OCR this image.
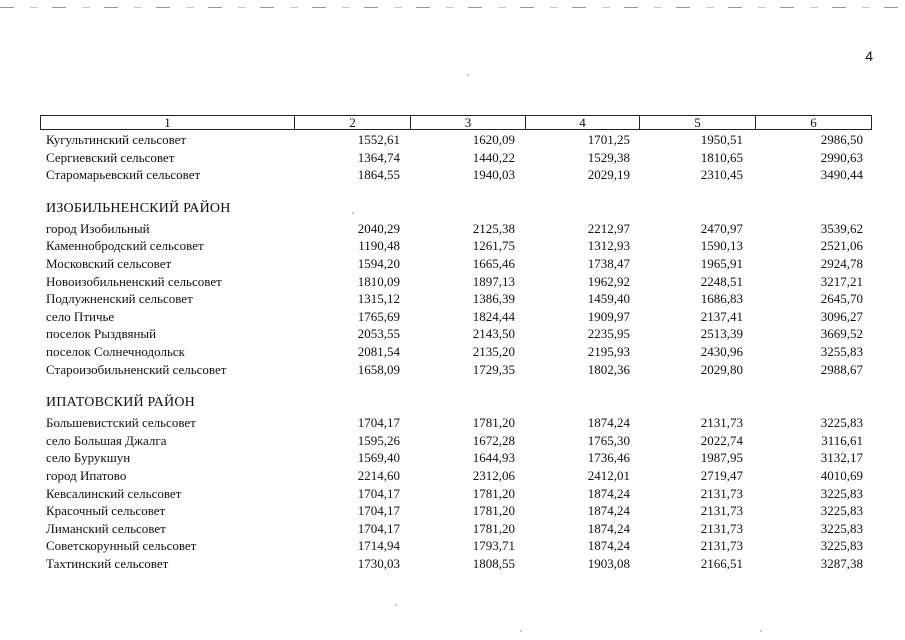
4
1	2	3	4	5	6
Кугультинский сельсовет	1552,61	1620,09	1701,25	1950,51	2986,50
Сергиевский сельсовет	1364,74	1440,22	1529,38	1810,65	2990,63
Старомарьевский сельсовет	1864,55	1940,03	2029,19	2310,45	3490,44
ИЗОБИЛЬНЕНСКИЙ РАЙОН
город Изобильный	2040,29	2125,38	2212,97	2470,97	3539,62
Каменнобродский сельсовет	1190,48	1261,75	1312,93	1590,13	2521,06
Московский сельсовет	1594,20	1665,46	1738,47	1965,91	2924,78
Новоизобильненский сельсовет	1810,09	1897,13	1962,92	2248,51	3217,21
Подлужненский сельсовет	1315,12	1386,39	1459,40	1686,83	2645,70
село Птичье	1765,69	1824,44	1909,97	2137,41	3096,27
поселок Рыздвяный	2053,55	2143,50	2235,95	2513,39	3669,52
поселок Солнечнодольск	2081,54	2135,20	2195,93	2430,96	3255,83
Староизобильненский сельсовет	1658,09	1729,35	1802,36	2029,80	2988,67
ИПАТОВСКИЙ РАЙОН
Большевистский сельсовет	1704,17	1781,20	1874,24	2131,73	3225,83
село Большая Джалга	1595,26	1672,28	1765,30	2022,74	3116,61
село Бурукшун	1569,40	1644,93	1736,46	1987,95	3132,17
город Ипатово	2214,60	2312,06	2412,01	2719,47	4010,69
Кевсалинский сельсовет	1704,17	1781,20	1874,24	2131,73	3225,83
Красочный сельсовет	1704,17	1781,20	1874,24	2131,73	3225,83
Лиманский сельсовет	1704,17	1781,20	1874,24	2131,73	3225,83
Советскорунный сельсовет	1714,94	1793,71	1874,24	2131,73	3225,83
Тахтинский сельсовет	1730,03	1808,55	1903,08	2166,51	3287,38
